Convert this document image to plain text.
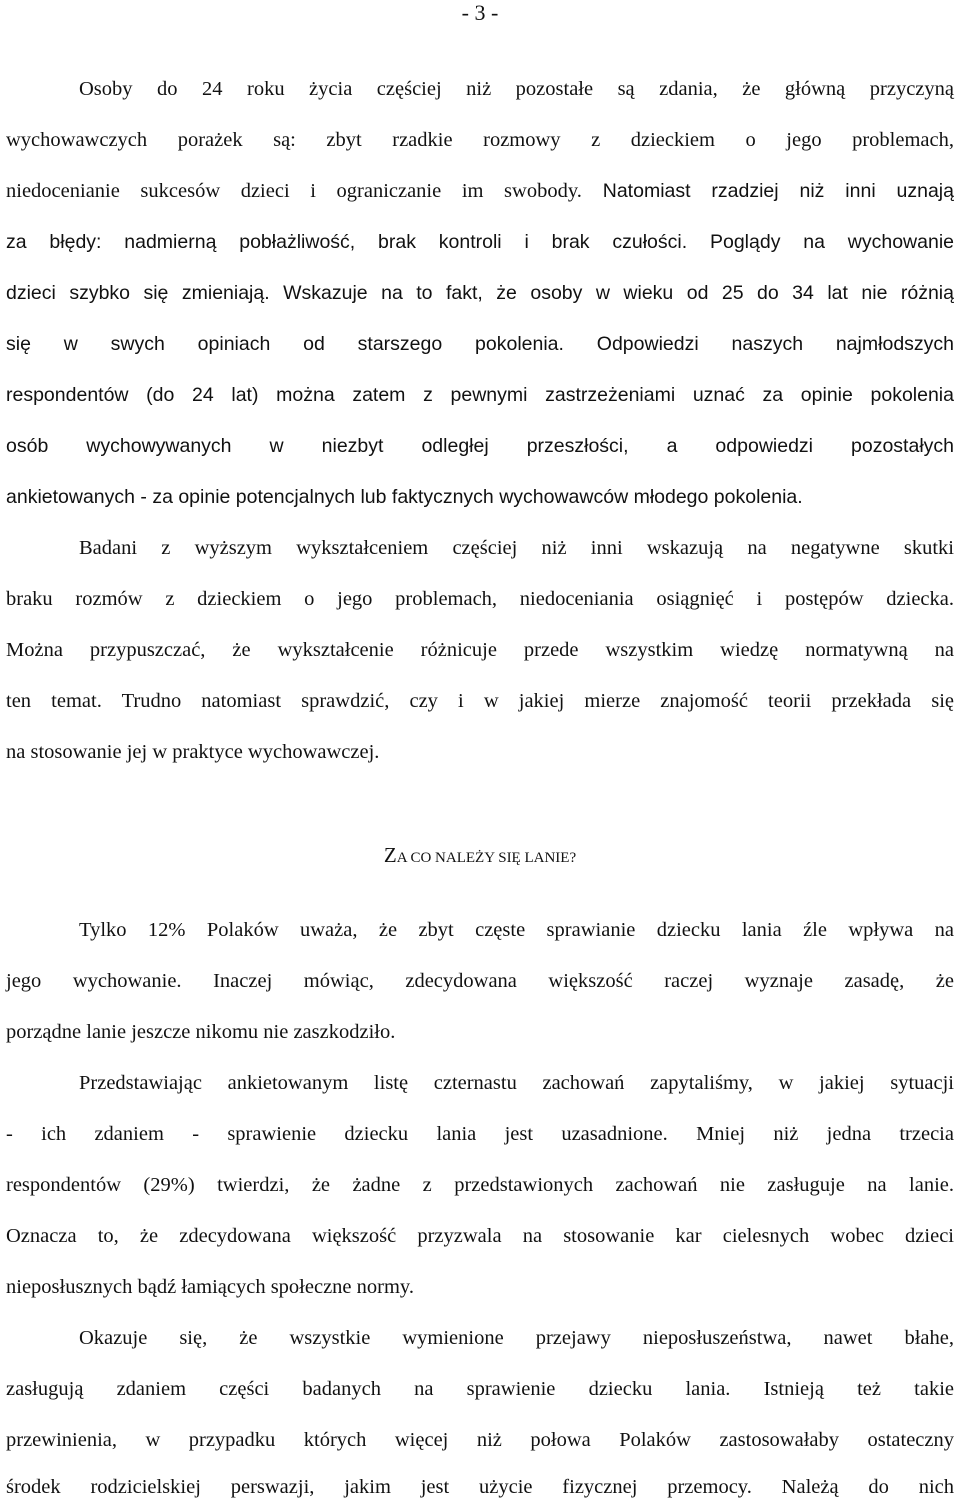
- 3 -
Osoby do 24 roku życia częściej niż pozostałe są zdania, że główną przyczyną
wychowawczych porażek są: zbyt rzadkie rozmowy z dzieckiem o jego problemach,
niedocenianie sukcesów dzieci i ograniczanie im swobody. Natomiast rzadziej niż inni uznają
za błędy: nadmierną pobłażliwość, brak kontroli i brak czułości. Poglądy na wychowanie
dzieci szybko się zmieniają. Wskazuje na to fakt, że osoby w wieku od 25 do 34 lat nie różnią
się w swych opiniach od starszego pokolenia. Odpowiedzi naszych najmłodszych
respondentów (do 24 lat) można zatem z pewnymi zastrzeżeniami uznać za opinie pokolenia
osób wychowywanych w niezbyt odległej przeszłości, a odpowiedzi pozostałych
ankietowanych - za opinie potencjalnych lub faktycznych wychowawców młodego pokolenia.
Badani z wyższym wykształceniem częściej niż inni wskazują na negatywne skutki
braku rozmów z dzieckiem o jego problemach, niedoceniania osiągnięć i postępów dziecka.
Można przypuszczać, że wykształcenie różnicuje przede wszystkim wiedzę normatywną na
ten temat. Trudno natomiast sprawdzić, czy i w jakiej mierze znajomość teorii przekłada się
na stosowanie jej w praktyce wychowawczej.
ZA CO NALEŻY SIĘ LANIE?
Tylko 12% Polaków uważa, że zbyt częste sprawianie dziecku lania źle wpływa na
jego wychowanie. Inaczej mówiąc, zdecydowana większość raczej wyznaje zasadę, że
porządne lanie jeszcze nikomu nie zaszkodziło.
Przedstawiając ankietowanym listę czternastu zachowań zapytaliśmy, w jakiej sytuacji
- ich zdaniem - sprawienie dziecku lania jest uzasadnione. Mniej niż jedna trzecia
respondentów (29%) twierdzi, że żadne z przedstawionych zachowań nie zasługuje na lanie.
Oznacza to, że zdecydowana większość przyzwala na stosowanie kar cielesnych wobec dzieci
nieposłusznych bądź łamiących społeczne normy.
Okazuje się, że wszystkie wymienione przejawy nieposłuszeństwa, nawet błahe,
zasługują zdaniem części badanych na sprawienie dziecku lania. Istnieją też takie
przewinienia, w przypadku których więcej niż połowa Polaków zastosowałaby ostateczny
środek rodzicielskiej perswazji, jakim jest użycie fizycznej przemocy. Należą do nich
